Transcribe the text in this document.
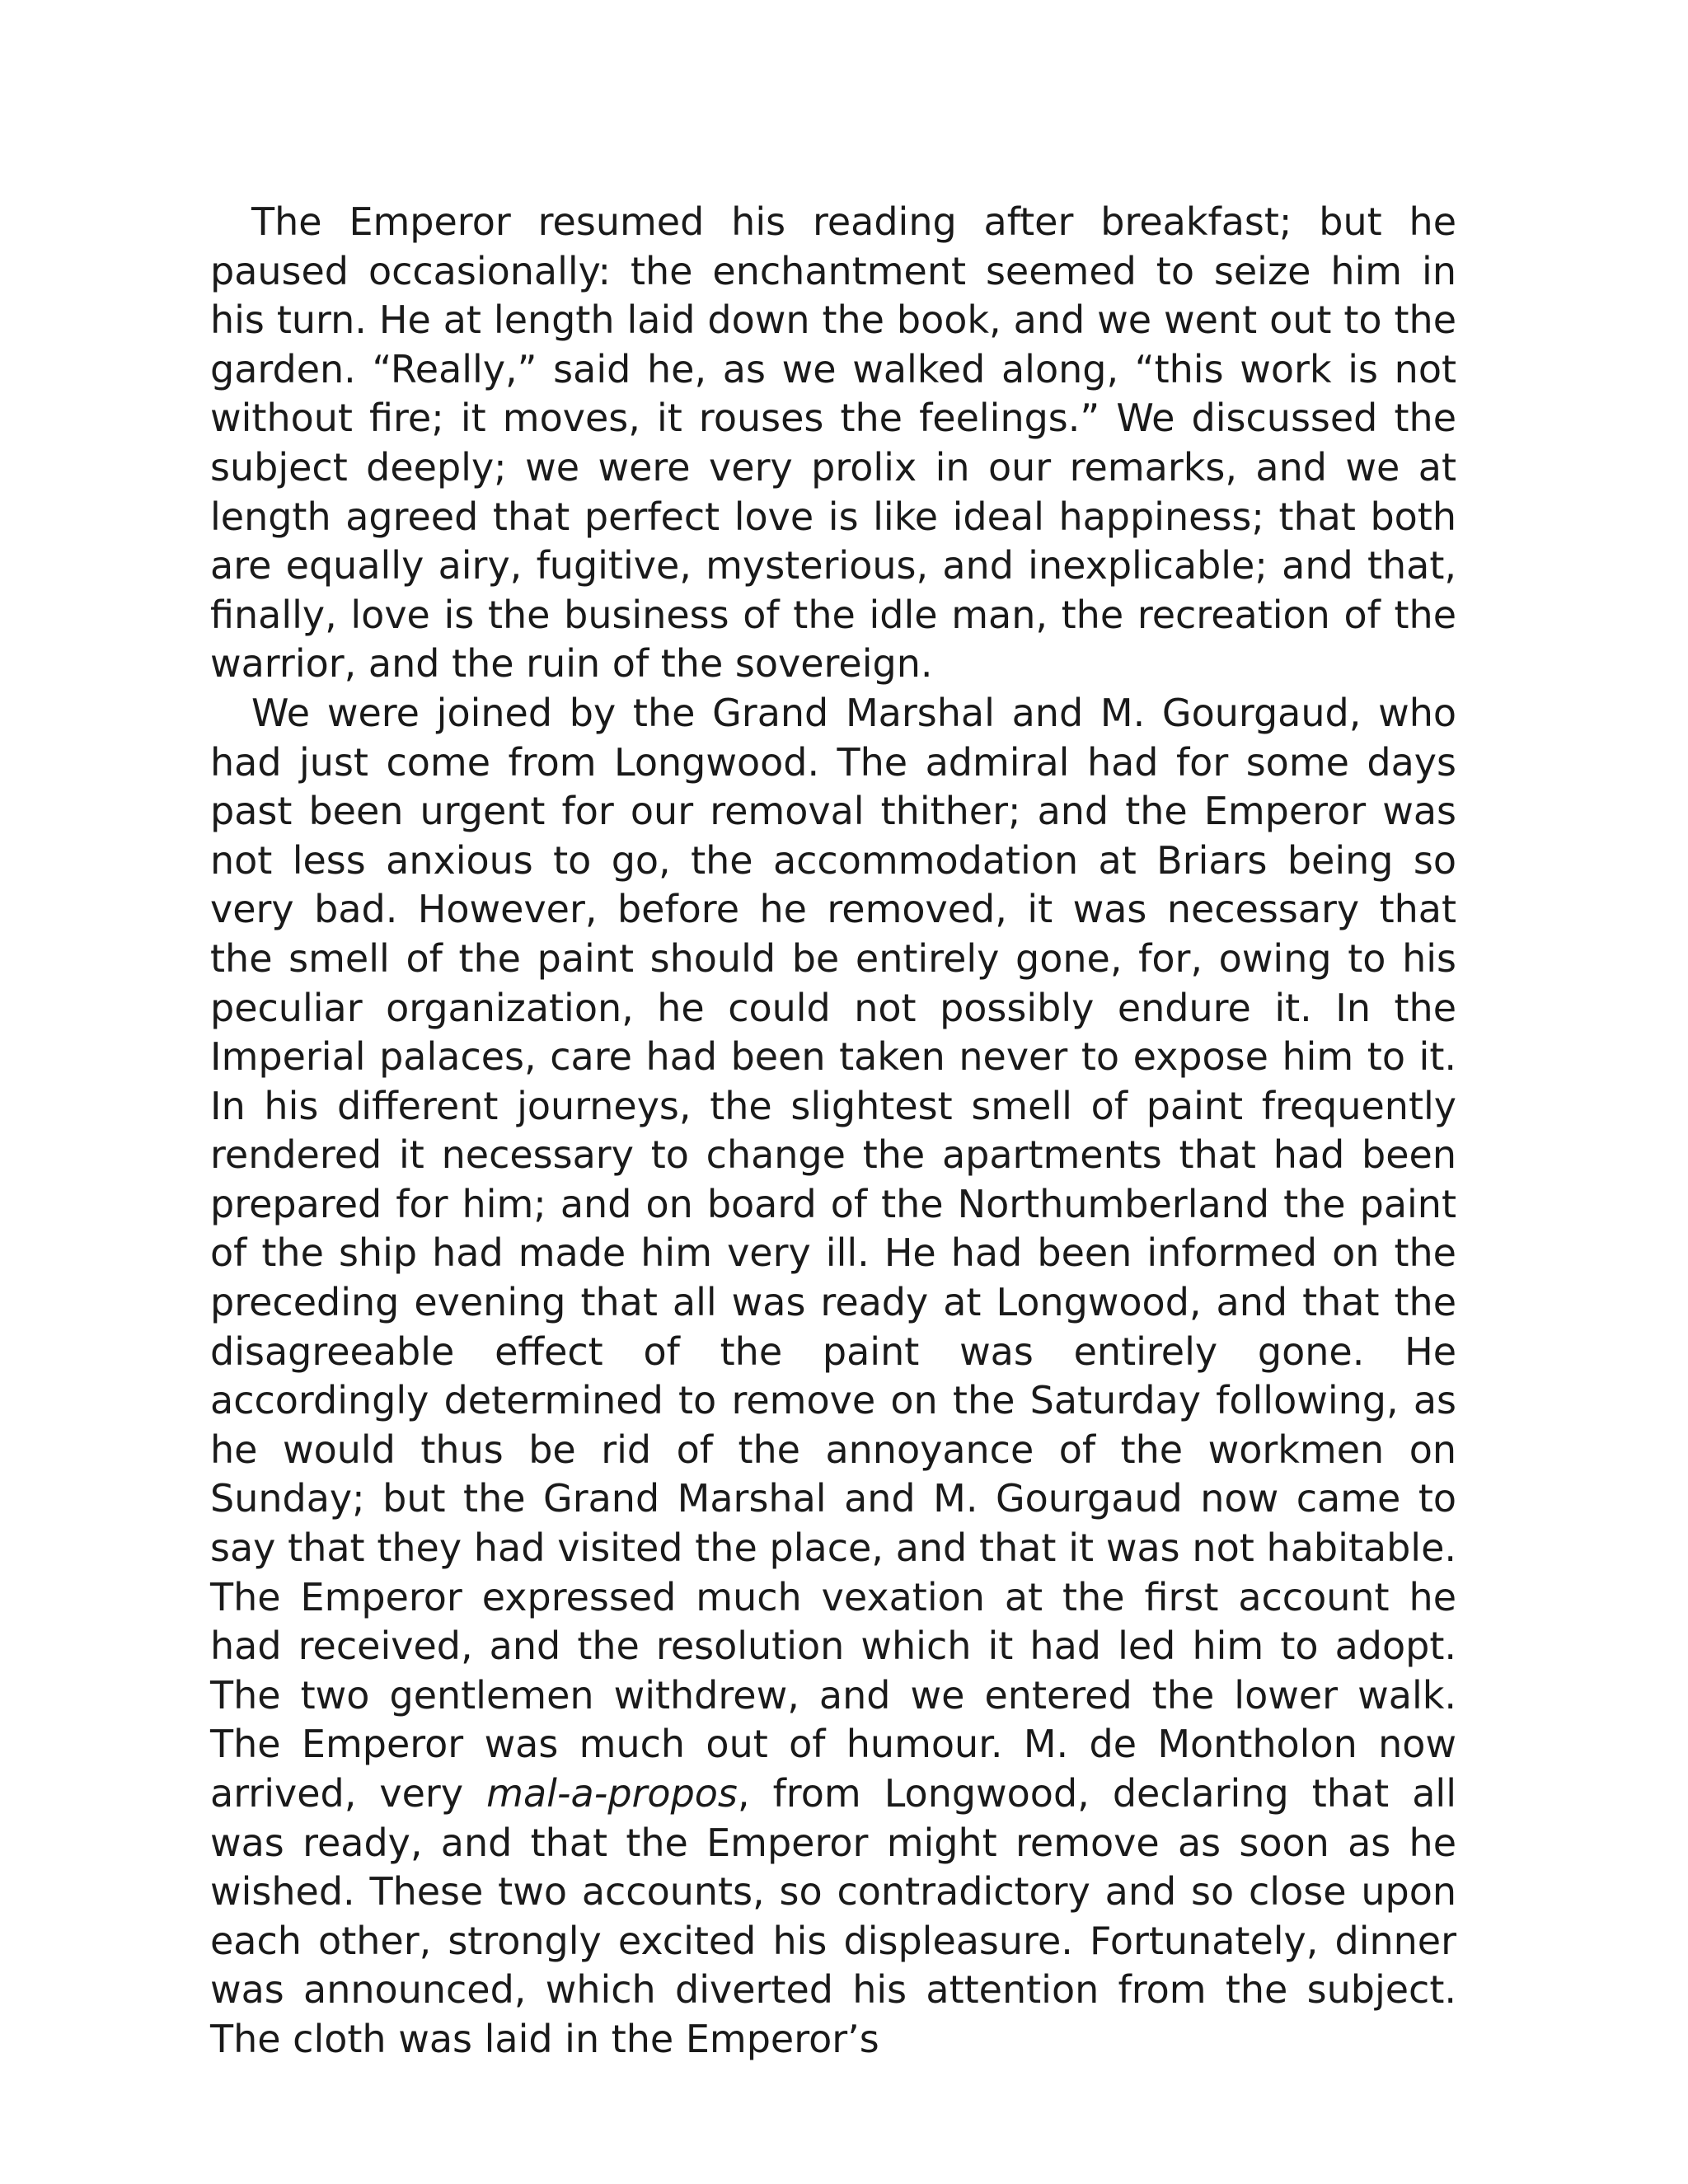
The Emperor resumed his reading after breakfast; but he paused occasionally: the enchantment seemed to seize him in his turn. He at length laid down the book, and we went out to the garden. “Really,” said he, as we walked along, “this work is not without fire; it moves, it rouses the feelings.” We discussed the subject deeply; we were very prolix in our remarks, and we at length agreed that perfect love is like ideal happiness; that both are equally airy, fugitive, mysterious, and inexplicable; and that, finally, love is the business of the idle man, the recreation of the warrior, and the ruin of the sovereign.

We were joined by the Grand Marshal and M. Gourgaud, who had just come from Longwood. The admiral had for some days past been urgent for our removal thither; and the Emperor was not less anxious to go, the accommodation at Briars being so very bad. However, before he removed, it was necessary that the smell of the paint should be entirely gone, for, owing to his peculiar organization, he could not possibly endure it. In the Imperial palaces, care had been taken never to expose him to it. In his different journeys, the slightest smell of paint frequently rendered it necessary to change the apartments that had been prepared for him; and on board of the Northumberland the paint of the ship had made him very ill. He had been informed on the preceding evening that all was ready at Longwood, and that the disagreeable effect of the paint was entirely gone. He accordingly determined to remove on the Saturday following, as he would thus be rid of the annoyance of the workmen on Sunday; but the Grand Marshal and M. Gourgaud now came to say that they had visited the place, and that it was not habitable. The Emperor expressed much vexation at the first account he had received, and the resolution which it had led him to adopt. The two gentlemen withdrew, and we entered the lower walk. The Emperor was much out of humour. M. de Montholon now arrived, very mal-a-propos, from Longwood, declaring that all was ready, and that the Emperor might remove as soon as he wished. These two accounts, so contradictory and so close upon each other, strongly excited his displeasure. Fortunately, dinner was announced, which diverted his attention from the subject. The cloth was laid in the Emperor’s
